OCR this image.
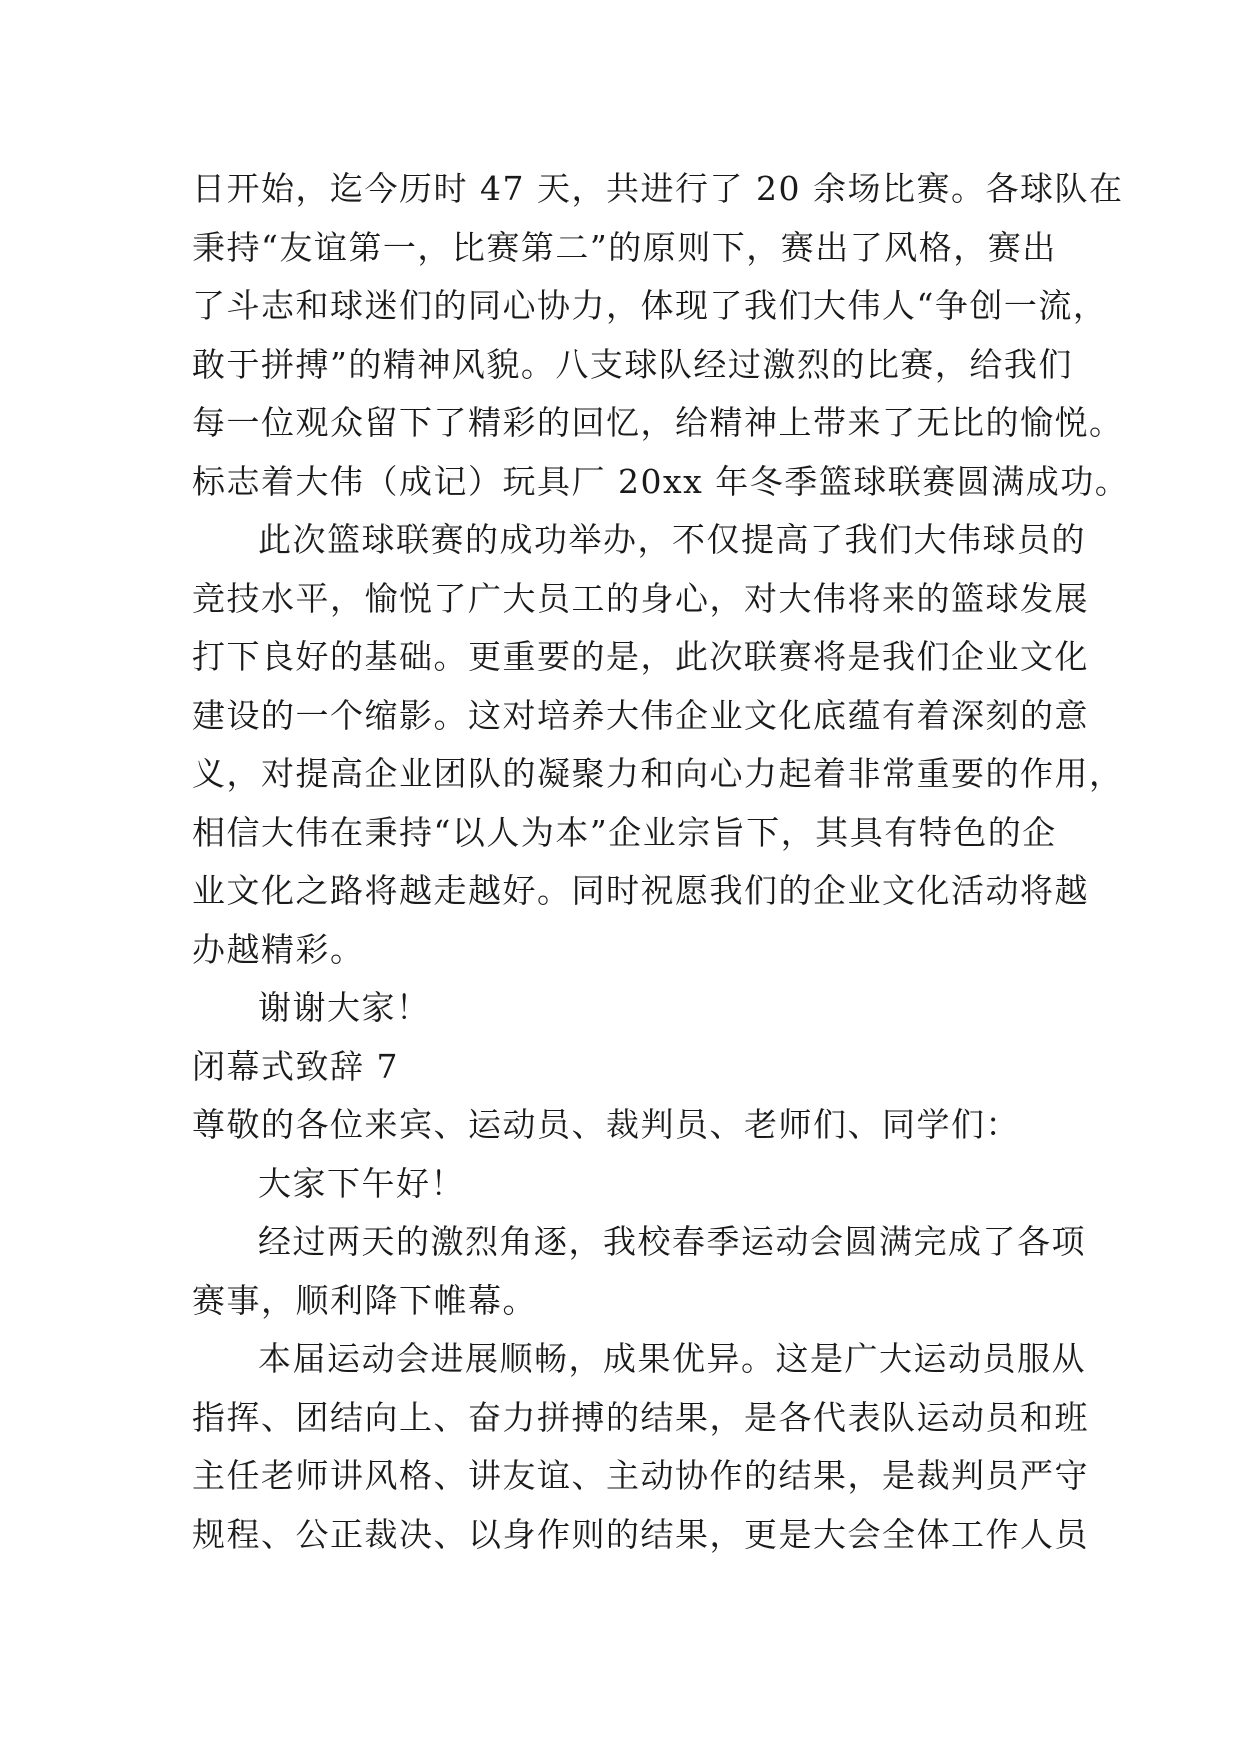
日开始，迄今历时 47 天，共进行了 20 余场比赛。各球队在
秉持“友谊第一，比赛第二”的原则下，赛出了风格，赛出
了斗志和球迷们的同心协力，体现了我们大伟人“争创一流，
敢于拼搏”的精神风貌。八支球队经过激烈的比赛，给我们
每一位观众留下了精彩的回忆，给精神上带来了无比的愉悦。
标志着大伟（成记）玩具厂 20xx 年冬季篮球联赛圆满成功。
此次篮球联赛的成功举办，不仅提高了我们大伟球员的
竞技水平，愉悦了广大员工的身心，对大伟将来的篮球发展
打下良好的基础。更重要的是，此次联赛将是我们企业文化
建设的一个缩影。这对培养大伟企业文化底蕴有着深刻的意
义，对提高企业团队的凝聚力和向心力起着非常重要的作用，
相信大伟在秉持“以人为本”企业宗旨下，其具有特色的企
业文化之路将越走越好。同时祝愿我们的企业文化活动将越
办越精彩。
谢谢大家！
闭幕式致辞 7
尊敬的各位来宾、运动员、裁判员、老师们、同学们：
大家下午好！
经过两天的激烈角逐，我校春季运动会圆满完成了各项
赛事，顺利降下帷幕。
本届运动会进展顺畅，成果优异。这是广大运动员服从
指挥、团结向上、奋力拼搏的结果，是各代表队运动员和班
主任老师讲风格、讲友谊、主动协作的结果，是裁判员严守
规程、公正裁决、以身作则的结果，更是大会全体工作人员
